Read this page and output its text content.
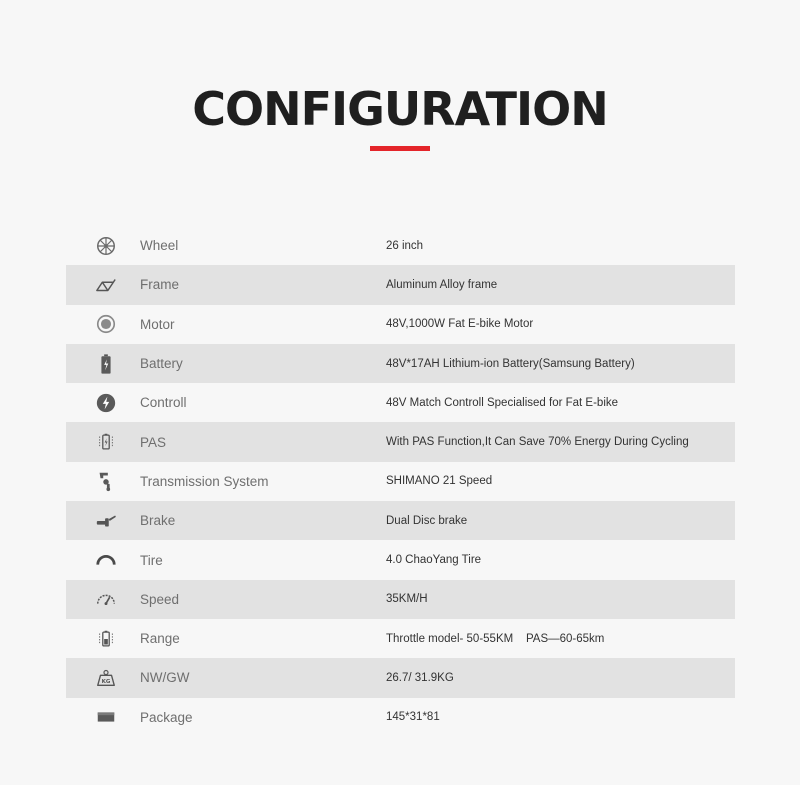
CONFIGURATION
Wheel	26 inch
Frame	Aluminum Alloy frame
Motor	48V,1000W Fat E-bike Motor
Battery	48V*17AH Lithium-ion Battery(Samsung Battery)
Controll	48V Match Controll Specialised for Fat E-bike
PAS	With PAS Function,It Can Save 70% Energy During Cycling
Transmission System	SHIMANO 21 Speed
Brake	Dual Disc brake
Tire	4.0 ChaoYang Tire
Speed	35KM/H
Range	Throttle model- 50-55KM    PAS—60-65km
KG NW/GW	26.7/ 31.9KG
Package	145*31*81
